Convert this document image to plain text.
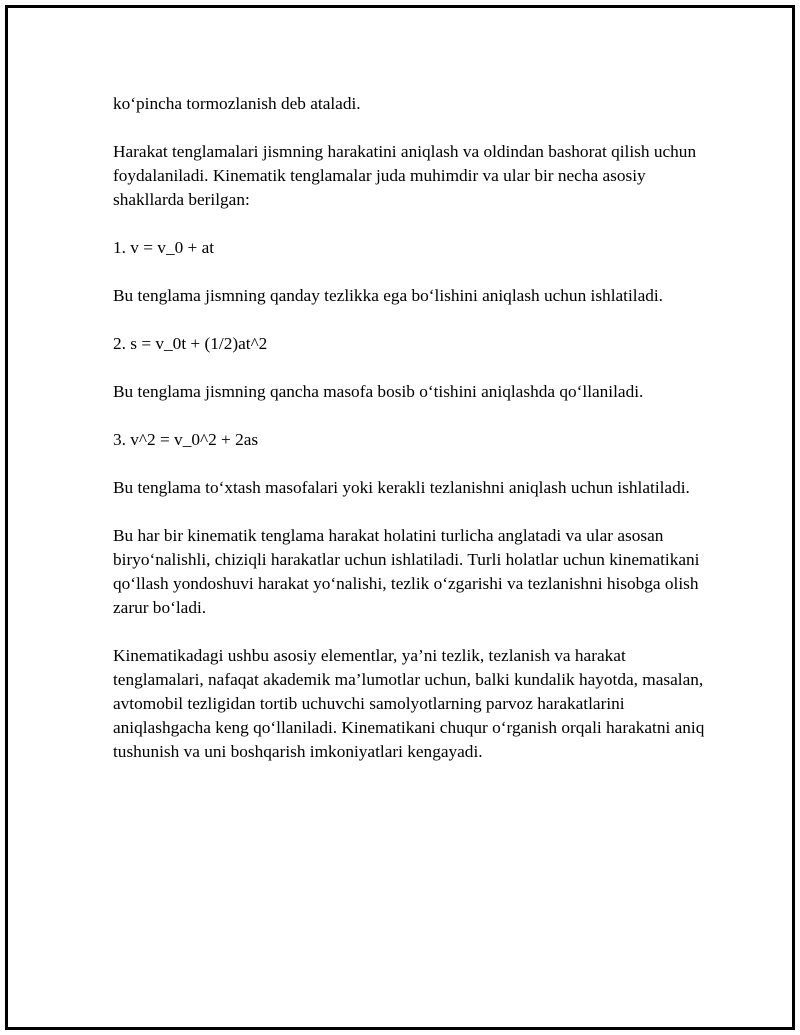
ko‘pincha tormozlanish deb ataladi.

Harakat tenglamalari jismning harakatini aniqlash va oldindan bashorat qilish uchun foydalaniladi. Kinematik tenglamalar juda muhimdir va ular bir necha asosiy shakllarda berilgan:

1. v = v_0 + at

Bu tenglama jismning qanday tezlikka ega bo‘lishini aniqlash uchun ishlatiladi.

2. s = v_0t + (1/2)at^2

Bu tenglama jismning qancha masofa bosib o‘tishini aniqlashda qo‘llaniladi.

3. v^2 = v_0^2 + 2as

Bu tenglama to‘xtash masofalari yoki kerakli tezlanishni aniqlash uchun ishlatiladi.

Bu har bir kinematik tenglama harakat holatini turlicha anglatadi va ular asosan biryo‘nalishli, chiziqli harakatlar uchun ishlatiladi. Turli holatlar uchun kinematikani qo‘llash yondoshuvi harakat yo‘nalishi, tezlik o‘zgarishi va tezlanishni hisobga olish zarur bo‘ladi.

Kinematikadagi ushbu asosiy elementlar, ya’ni tezlik, tezlanish va harakat tenglamalari, nafaqat akademik ma’lumotlar uchun, balki kundalik hayotda, masalan, avtomobil tezligidan tortib uchuvchi samolyotlarning parvoz harakatlarini aniqlashgacha keng qo‘llaniladi. Kinematikani chuqur o‘rganish orqali harakatni aniq tushunish va uni boshqarish imkoniyatlari kengayadi.
